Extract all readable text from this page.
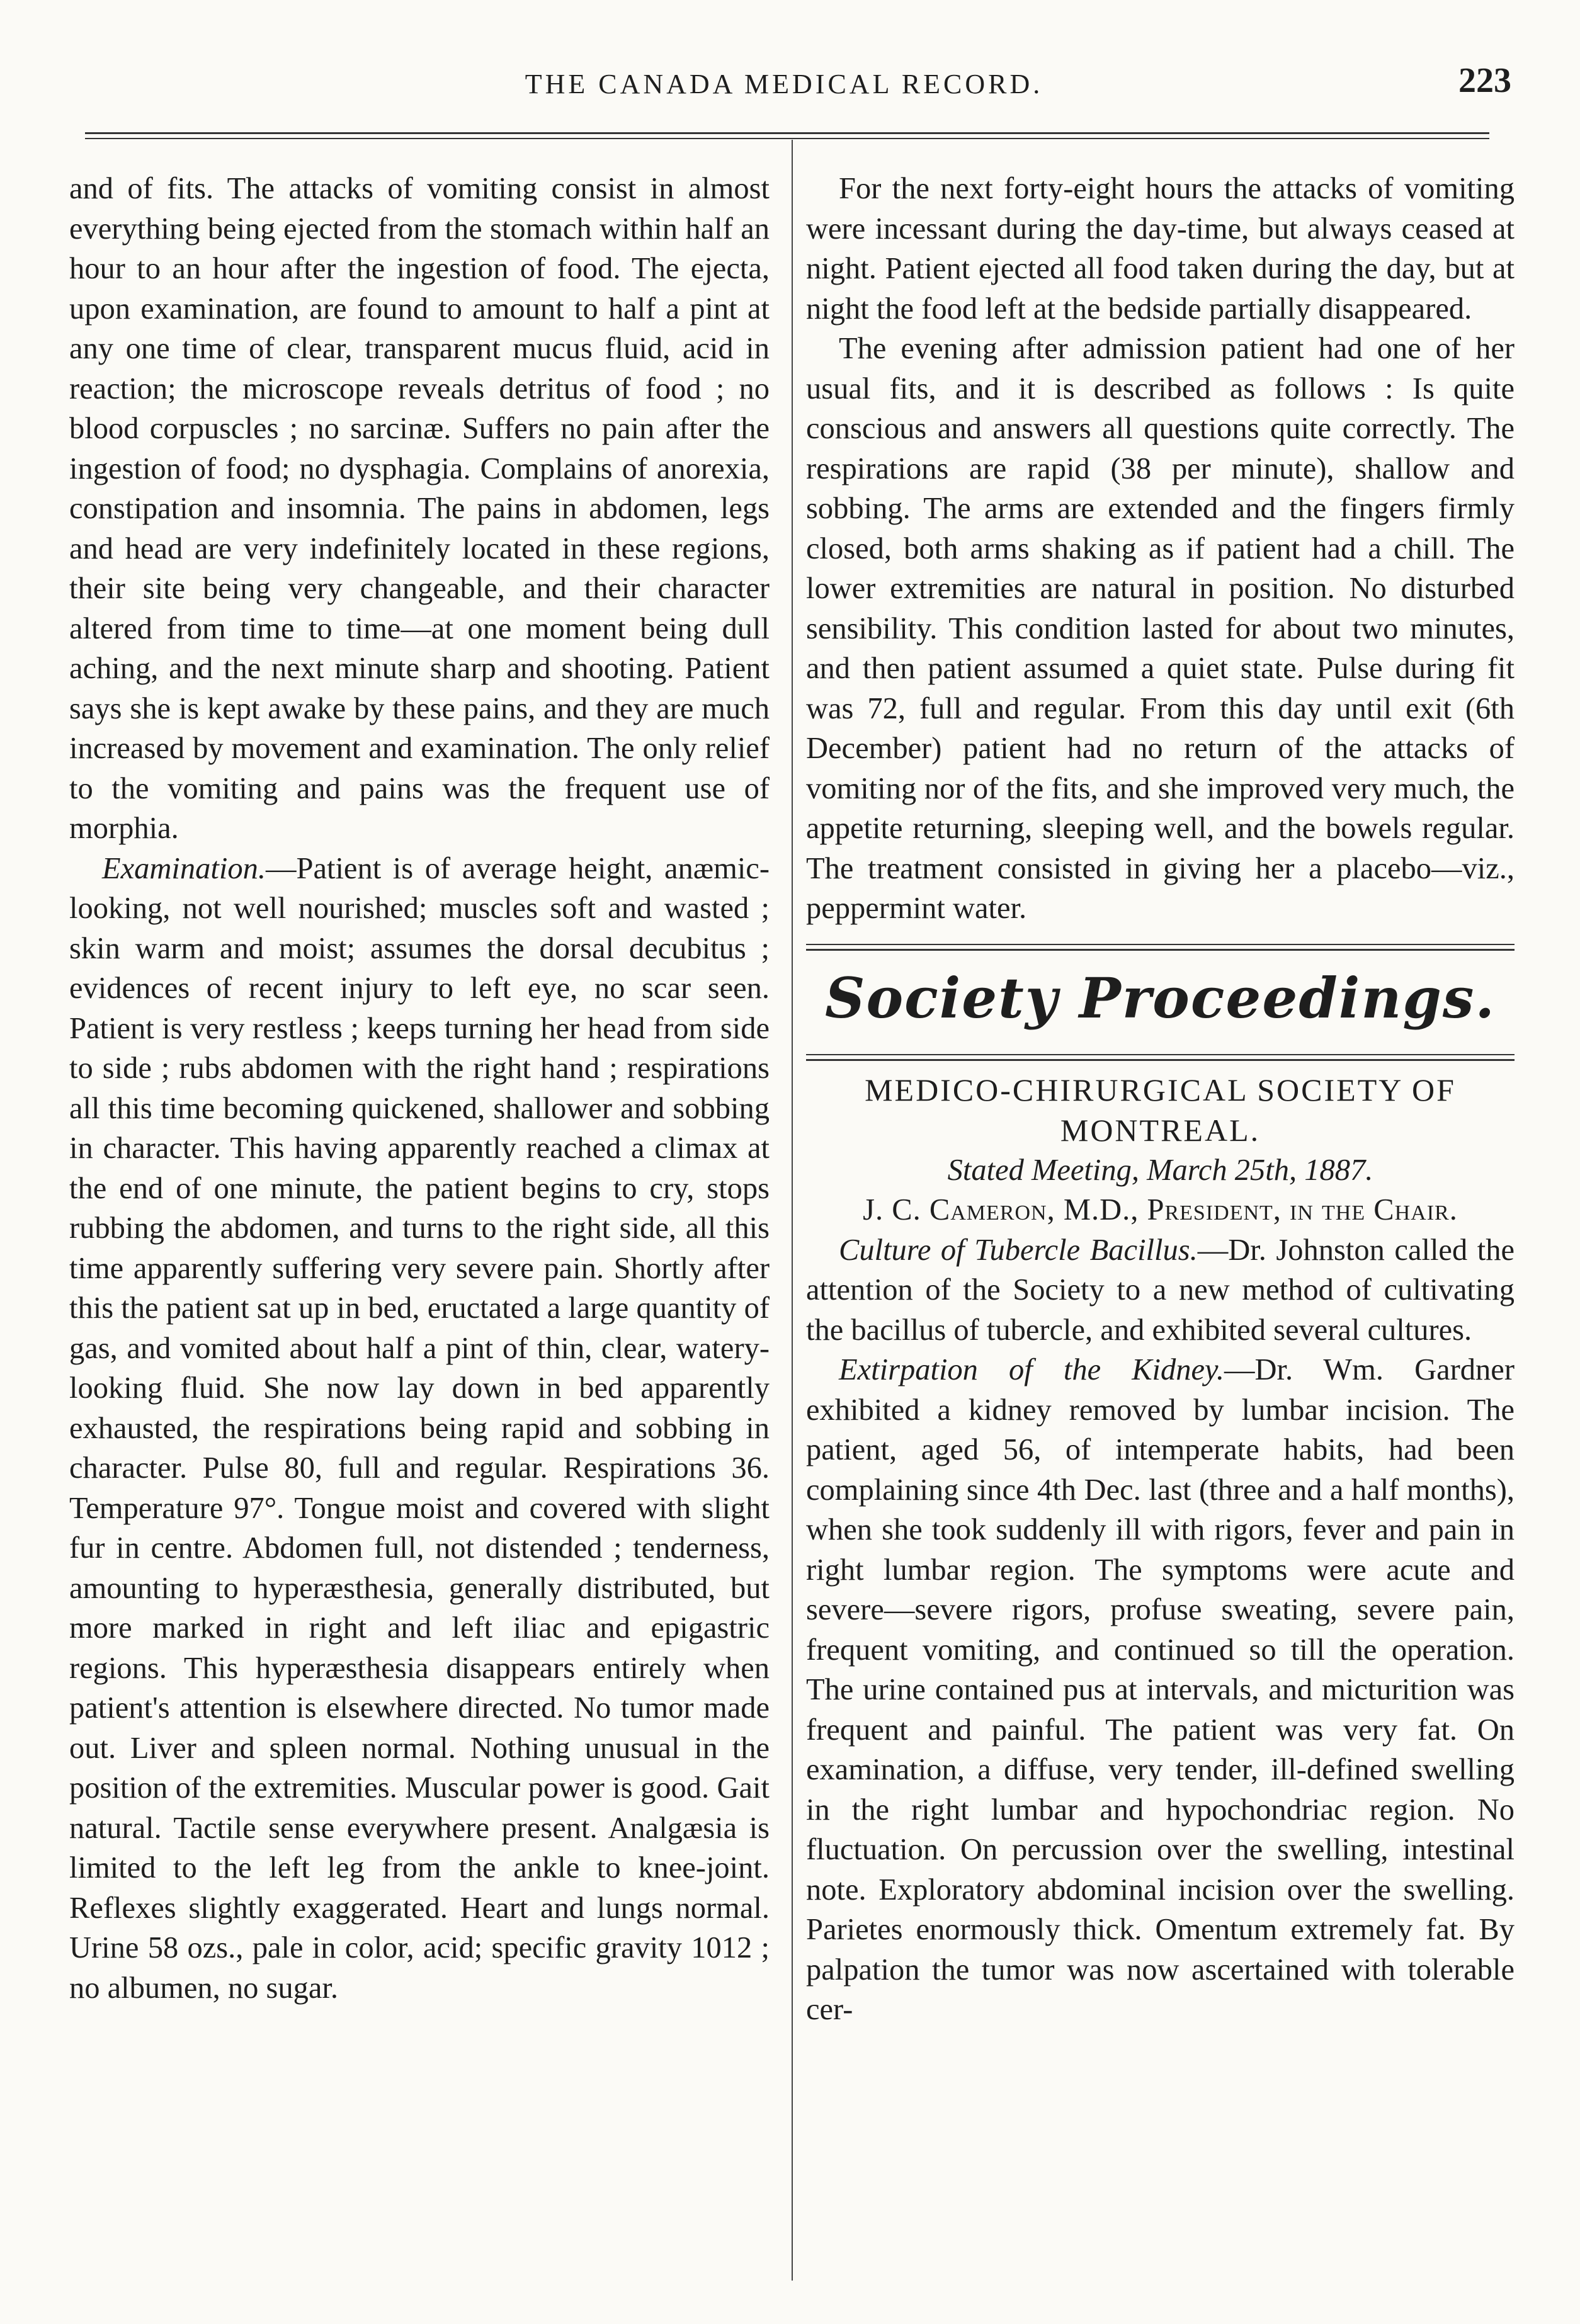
THE CANADA MEDICAL RECORD.	223

and of fits. The attacks of vomiting consist in almost everything being ejected from the stomach within half an hour to an hour after the ingestion of food. The ejecta, upon examination, are found to amount to half a pint at any one time of clear, transparent mucus fluid, acid in reaction; the microscope reveals detritus of food ; no blood corpuscles ; no sarcinæ. Suffers no pain after the ingestion of food; no dysphagia. Complains of anorexia, constipation and insomnia. The pains in abdomen, legs and head are very indefinitely located in these regions, their site being very changeable, and their character altered from time to time—at one moment being dull aching, and the next minute sharp and shooting. Patient says she is kept awake by these pains, and they are much increased by movement and examination. The only relief to the vomiting and pains was the frequent use of morphia.

Examination.—Patient is of average height, anæmic-looking, not well nourished; muscles soft and wasted ; skin warm and moist; assumes the dorsal decubitus ; evidences of recent injury to left eye, no scar seen. Patient is very restless ; keeps turning her head from side to side ; rubs abdomen with the right hand ; respirations all this time becoming quickened, shallower and sobbing in character. This having apparently reached a climax at the end of one minute, the patient begins to cry, stops rubbing the abdomen, and turns to the right side, all this time apparently suffering very severe pain. Shortly after this the patient sat up in bed, eructated a large quantity of gas, and vomited about half a pint of thin, clear, watery-looking fluid. She now lay down in bed apparently exhausted, the respirations being rapid and sobbing in character. Pulse 80, full and regular. Respirations 36. Temperature 97°. Tongue moist and covered with slight fur in centre. Abdomen full, not distended ; tenderness, amounting to hyperæsthesia, generally distributed, but more marked in right and left iliac and epigastric regions. This hyperæsthesia disappears entirely when patient's attention is elsewhere directed. No tumor made out. Liver and spleen normal. Nothing unusual in the position of the extremities. Muscular power is good. Gait natural. Tactile sense everywhere present. Analgæsia is limited to the left leg from the ankle to knee-joint. Reflexes slightly exaggerated. Heart and lungs normal. Urine 58 ozs., pale in color, acid; specific gravity 1012 ; no albumen, no sugar.

For the next forty-eight hours the attacks of vomiting were incessant during the day-time, but always ceased at night. Patient ejected all food taken during the day, but at night the food left at the bedside partially disappeared.

The evening after admission patient had one of her usual fits, and it is described as follows : Is quite conscious and answers all questions quite correctly. The respirations are rapid (38 per minute), shallow and sobbing. The arms are extended and the fingers firmly closed, both arms shaking as if patient had a chill. The lower extremities are natural in position. No disturbed sensibility. This condition lasted for about two minutes, and then patient assumed a quiet state. Pulse during fit was 72, full and regular. From this day until exit (6th December) patient had no return of the attacks of vomiting nor of the fits, and she improved very much, the appetite returning, sleeping well, and the bowels regular. The treatment consisted in giving her a placebo—viz., peppermint water.

Society Proceedings.
MEDICO-CHIRURGICAL SOCIETY OF MONTREAL.

Stated Meeting, March 25th, 1887.

J. C. Cameron, M.D., President, in the Chair.

Culture of Tubercle Bacillus.—Dr. Johnston called the attention of the Society to a new method of cultivating the bacillus of tubercle, and exhibited several cultures.

Extirpation of the Kidney.—Dr. Wm. Gardner exhibited a kidney removed by lumbar incision. The patient, aged 56, of intemperate habits, had been complaining since 4th Dec. last (three and a half months), when she took suddenly ill with rigors, fever and pain in right lumbar region. The symptoms were acute and severe—severe rigors, profuse sweating, severe pain, frequent vomiting, and continued so till the operation. The urine contained pus at intervals, and micturition was frequent and painful. The patient was very fat. On examination, a diffuse, very tender, ill-defined swelling in the right lumbar and hypochondriac region. No fluctuation. On percussion over the swelling, intestinal note. Exploratory abdominal incision over the swelling. Parietes enormously thick. Omentum extremely fat. By palpation the tumor was now ascertained with tolerable cer-
